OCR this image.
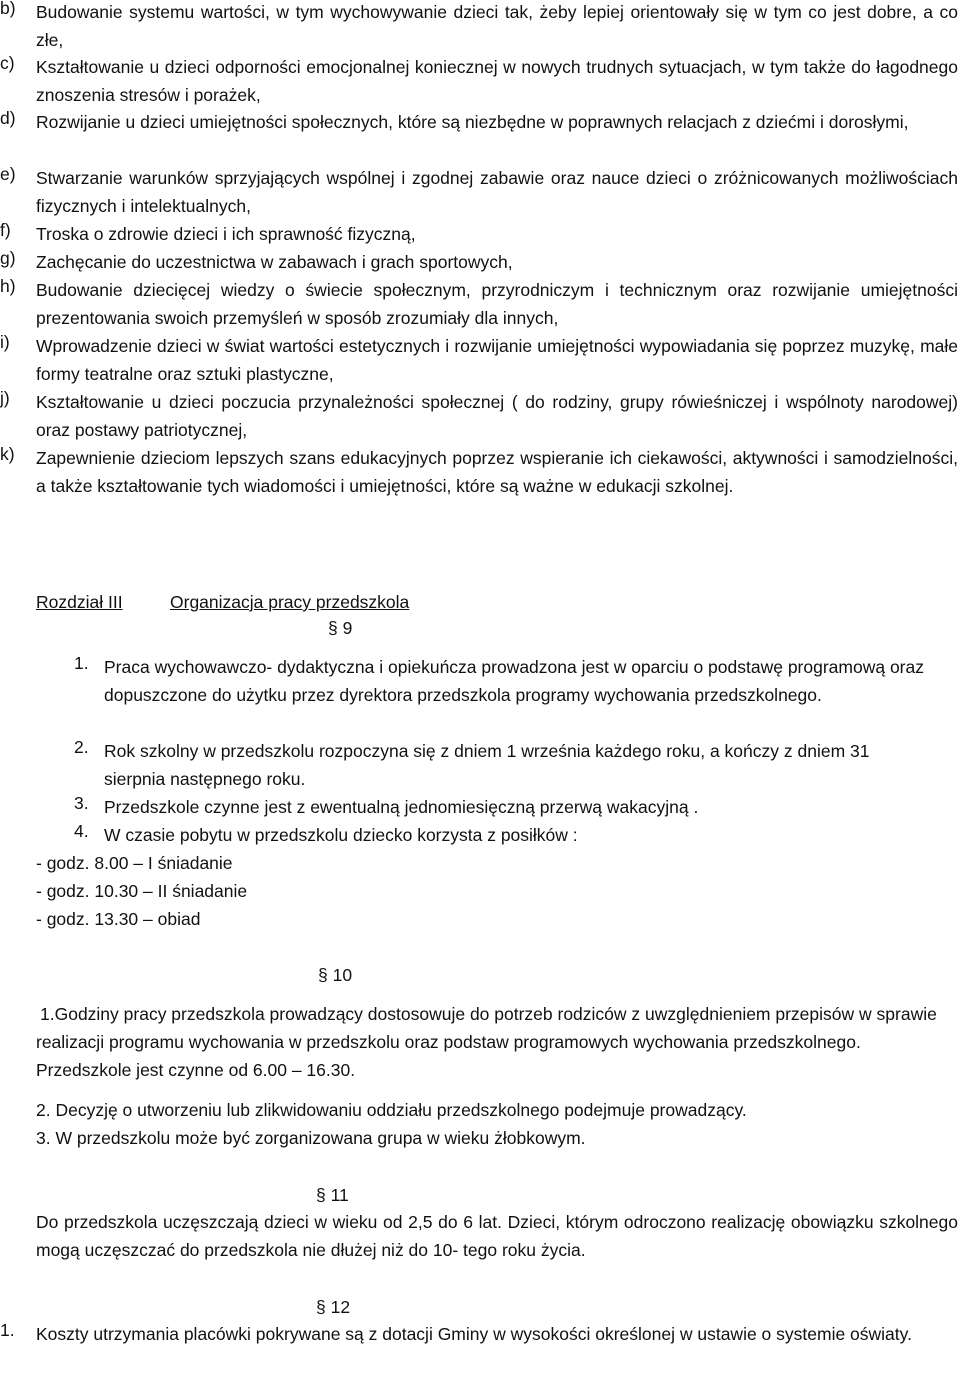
b) Budowanie systemu wartości, w tym wychowywanie dzieci tak, żeby lepiej orientowały się w tym co jest dobre, a co złe,
c) Kształtowanie u dzieci odporności emocjonalnej koniecznej w nowych trudnych sytuacjach, w tym także do łagodnego znoszenia stresów i porażek,
d) Rozwijanie u dzieci umiejętności społecznych, które są niezbędne w poprawnych relacjach z dziećmi i dorosłymi,
e) Stwarzanie warunków sprzyjających wspólnej i zgodnej zabawie oraz nauce dzieci o zróżnicowanych możliwościach fizycznych i intelektualnych,
f) Troska o zdrowie dzieci i ich sprawność fizyczną,
g) Zachęcanie do uczestnictwa w zabawach i grach sportowych,
h) Budowanie dziecięcej wiedzy o świecie społecznym, przyrodniczym i technicznym oraz rozwijanie umiejętności prezentowania swoich przemyśleń w sposób zrozumiały dla innych,
i) Wprowadzenie dzieci w świat wartości estetycznych i rozwijanie umiejętności wypowiadania się poprzez muzykę, małe formy teatralne oraz sztuki plastyczne,
j) Kształtowanie u dzieci poczucia przynależności społecznej ( do rodziny, grupy rówieśniczej i wspólnoty narodowej) oraz postawy patriotycznej,
k) Zapewnienie dzieciom lepszych szans edukacyjnych poprzez wspieranie ich ciekawości, aktywności i samodzielności, a także kształtowanie tych wiadomości i umiejętności, które są ważne w edukacji szkolnej.
Rozdział III	Organizacja pracy przedszkola
§ 9
1. Praca wychowawczo- dydaktyczna i opiekuńcza prowadzona jest w oparciu o podstawę programową oraz dopuszczone do użytku przez dyrektora przedszkola programy wychowania przedszkolnego.
2. Rok szkolny w przedszkolu rozpoczyna się z dniem 1 września każdego roku, a kończy z dniem 31 sierpnia następnego roku.
3. Przedszkole czynne jest z ewentualną jednomiesięczną przerwą wakacyjną .
4. W czasie pobytu w przedszkolu dziecko korzysta z posiłków :
- godz. 8.00 – I śniadanie
- godz. 10.30 – II śniadanie
- godz. 13.30 – obiad
§ 10
1.Godziny pracy przedszkola prowadzący dostosowuje do potrzeb rodziców z uwzględnieniem przepisów w sprawie realizacji programu wychowania w przedszkolu oraz podstaw programowych wychowania przedszkolnego. Przedszkole jest czynne od 6.00 – 16.30.
2. Decyzję o utworzeniu lub zlikwidowaniu oddziału przedszkolnego podejmuje prowadzący.
3. W przedszkolu może być zorganizowana grupa w wieku żłobkowym.
§ 11
Do przedszkola uczęszczają dzieci w wieku od 2,5 do 6 lat. Dzieci, którym odroczono realizację obowiązku szkolnego mogą uczęszczać do przedszkola nie dłużej niż do 10- tego roku życia.
§ 12
1. Koszty utrzymania placówki pokrywane są z dotacji Gminy w wysokości określonej w ustawie o systemie oświaty.
